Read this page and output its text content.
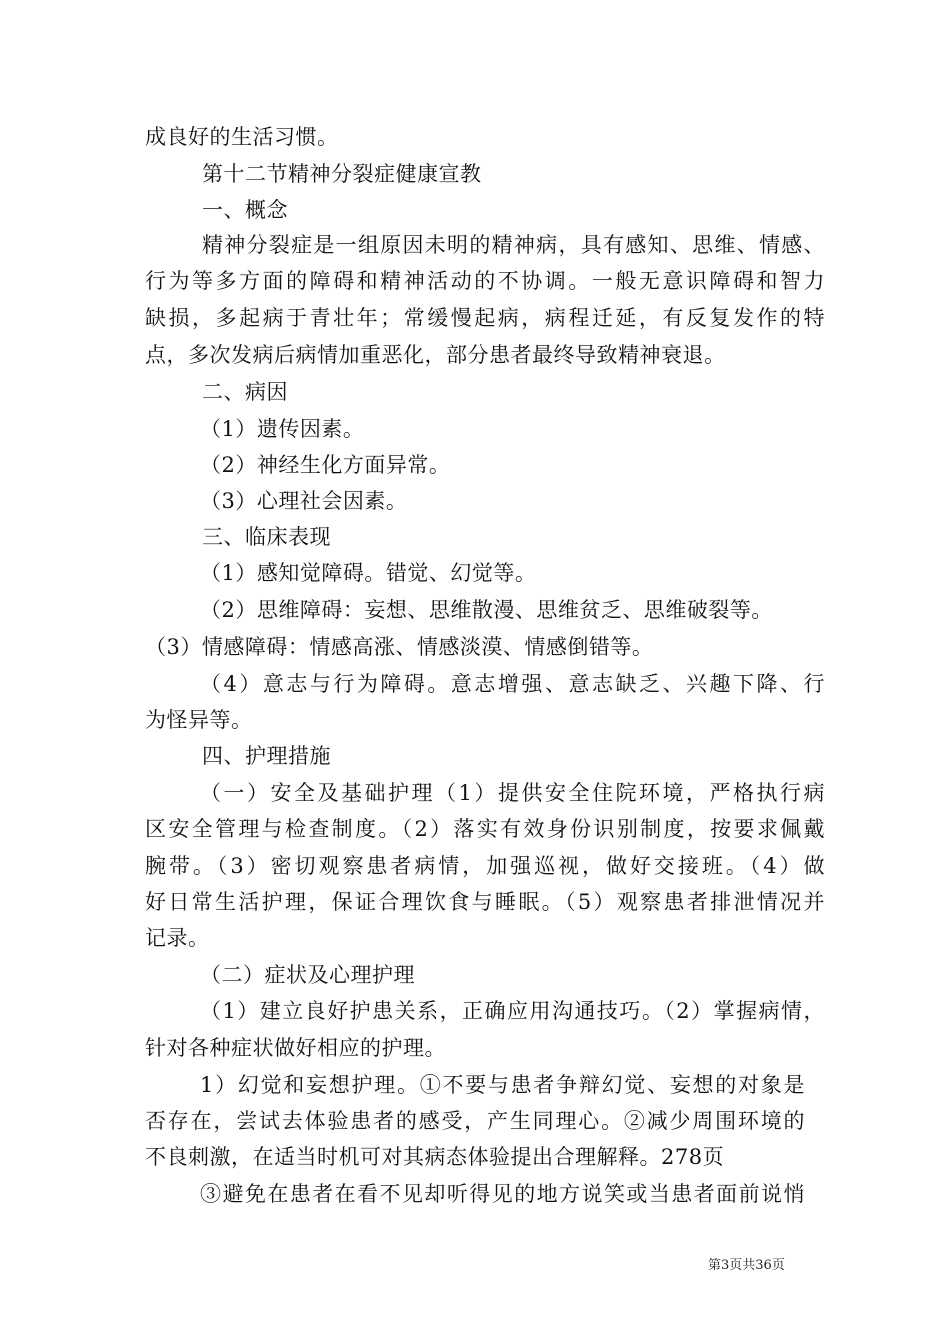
成良好的生活习惯。

第十二节精神分裂症健康宣教

一、概念

精神分裂症是一组原因未明的精神病，具有感知、思维、情感、

行为等多方面的障碍和精神活动的不协调。一般无意识障碍和智力

缺损，多起病于青壮年；常缓慢起病，病程迁延，有反复发作的特

点，多次发病后病情加重恶化，部分患者最终导致精神衰退。

二、病因

（1）遗传因素。

（2）神经生化方面异常。

（3）心理社会因素。

三、临床表现

（1）感知觉障碍。错觉、幻觉等。

（2）思维障碍：妄想、思维散漫、思维贫乏、思维破裂等。

（3）情感障碍：情感高涨、情感淡漠、情感倒错等。

（4）意志与行为障碍。意志增强、意志缺乏、兴趣下降、行

为怪异等。

四、护理措施

（一）安全及基础护理（1）提供安全住院环境，严格执行病

区安全管理与检查制度。（2）落实有效身份识别制度，按要求佩戴

腕带。（3）密切观察患者病情，加强巡视，做好交接班。（4）做

好日常生活护理，保证合理饮食与睡眠。（5）观察患者排泄情况并

记录。

（二）症状及心理护理

（1）建立良好护患关系，正确应用沟通技巧。（2）掌握病情，

针对各种症状做好相应的护理。

1）幻觉和妄想护理。①不要与患者争辩幻觉、妄想的对象是

否存在，尝试去体验患者的感受，产生同理心。②减少周围环境的

不良刺激，在适当时机可对其病态体验提出合理解释。278页

③避免在患者在看不见却听得见的地方说笑或当患者面前说悄

第3页共36页
